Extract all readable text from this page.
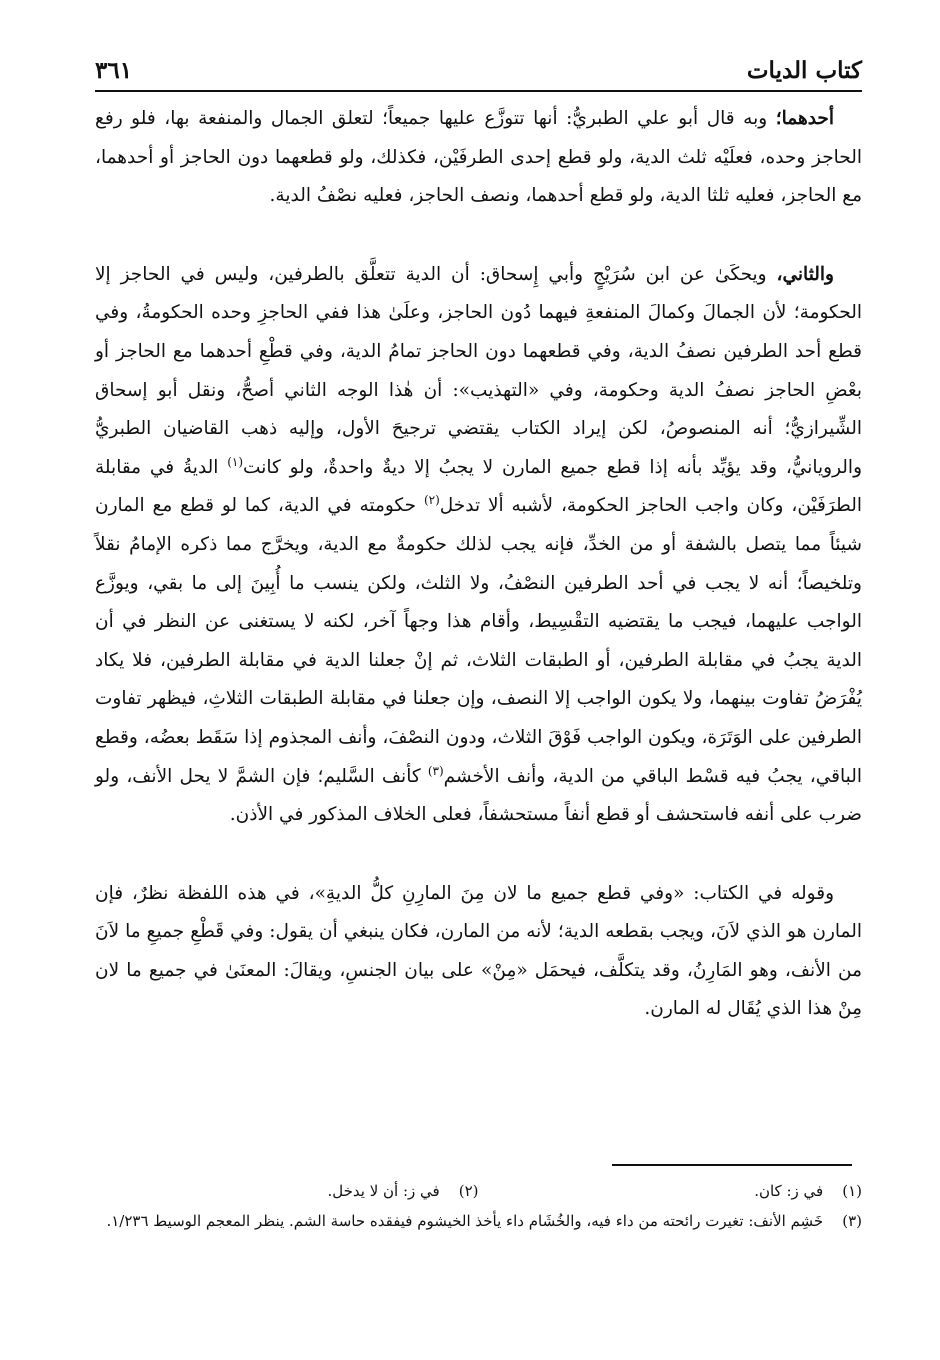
كتاب الديات
٣٦١

أحدهما؛ وبه قال أبو علي الطبريُّ: أنها تتوزَّع عليها جميعاً؛ لتعلق الجمال والمنفعة بها، فلو رفع الحاجز وحده، فعلَيْه ثلث الدية، ولو قطع إحدى الطرفَيْن، فكذلك، ولو قطعهما دون الحاجز أو أحدهما، مع الحاجز، فعليه ثلثا الدية، ولو قطع أحدهما، ونصف الحاجز، فعليه نصْفُ الدية.

والثاني، ويحكَىٰ عن ابن سُرَيْجٍ وأبي إِسحاق: أن الدية تتعلَّق بالطرفين، وليس في الحاجز إلا الحكومة؛ لأن الجمالَ وكمالَ المنفعةِ فيهما دُون الحاجز، وعلَىٰ هذا ففي الحاجزِ وحده الحكومةُ، وفي قطع أحد الطرفين نصفُ الدية، وفي قطعهما دون الحاجز تمامُ الدية، وفي قطْعِ أحدهما مع الحاجز أو بعْضِ الحاجز نصفُ الدية وحكومة، وفي «التهذيب»: أن هٰذا الوجه الثاني أصحُّ، ونقل أبو إسحاق الشِّيرازيُّ؛ أنه المنصوصُ، لكن إيراد الكتاب يقتضي ترجيحَ الأول، وإليه ذهب القاضيان الطبريُّ والرويانيُّ، وقد يؤيِّد بأنه إذا قطع جميع المارن لا يجبُ إلا ديةٌ واحدةٌ، ولو كانت$^{(١)}$ الديةُ في مقابلة الطرَفَيْن، وكان واجب الحاجز الحكومة، لأشبه ألا تدخل$^{(٢)}$ حكومته في الدية، كما لو قطع مع المارن شيئاً مما يتصل بالشفة أو من الخدِّ، فإنه يجب لذلك حكومةٌ مع الدية، ويخرَّج مما ذكره الإمامُ نقلاً وتلخيصاً؛ أنه لا يجب في أحد الطرفين النصْفُ، ولا الثلث، ولكن ينسب ما أُبِينَ إلى ما بقي، ويوزَّع الواجب عليهما، فيجب ما يقتضيه التقْسِيط، وأقام هذا وجهاً آخر، لكنه لا يستغنى عن النظر في أن الدية يجبُ في مقابلة الطرفين، أو الطبقات الثلاث، ثم إنْ جعلنا الدية في مقابلة الطرفين، فلا يكاد يُفْرَضُ تفاوت بينهما، ولا يكون الواجب إلا النصف، وإن جعلنا في مقابلة الطبقات الثلاثِ، فيظهر تفاوت الطرفين على الوَتَرَة، ويكون الواجب فَوْقَ الثلاث، ودون النصْفَ، وأنف المجذوم إذا سَقَط بعضُه، وقطع الباقي، يجبُ فيه قسْط الباقي من الدية، وأنف الأخشم$^{(٣)}$ كأنف السَّليم؛ فإن الشمَّ لا يحل الأنف، ولو ضرب على أنفه فاستحشف أو قطع أنفاً مستحشفاً، فعلى الخلاف المذكور في الأذن.

وقوله في الكتاب: «وفي قطع جميع ما لان مِنَ المارِنِ كلُّ الديةِ»، في هذه اللفظة نظرٌ، فإن المارن هو الذي لاَنَ، ويجب بقطعه الدية؛ لأنه من المارن، فكان ينبغي أن يقول: وفي قَطْعِ جميعِ ما لاَنَ من الأنف، وهو المَارِنُ، وقد يتكلَّف، فيحمَل «مِنْ» على بيان الجنسِ، ويقالَ: المعنَىٰ في جميع ما لان مِنْ هذا الذي يُقَال له المارن.

(١) في ز: كان.
(٢) في ز: أن لا يدخل.
(٣) خَشِم الأنف: تغيرت رائحته من داء فيه، والخُشَام داء يأخذ الخيشوم فيفقده حاسة الشم. ينظر المعجم الوسيط ١/٢٣٦.
